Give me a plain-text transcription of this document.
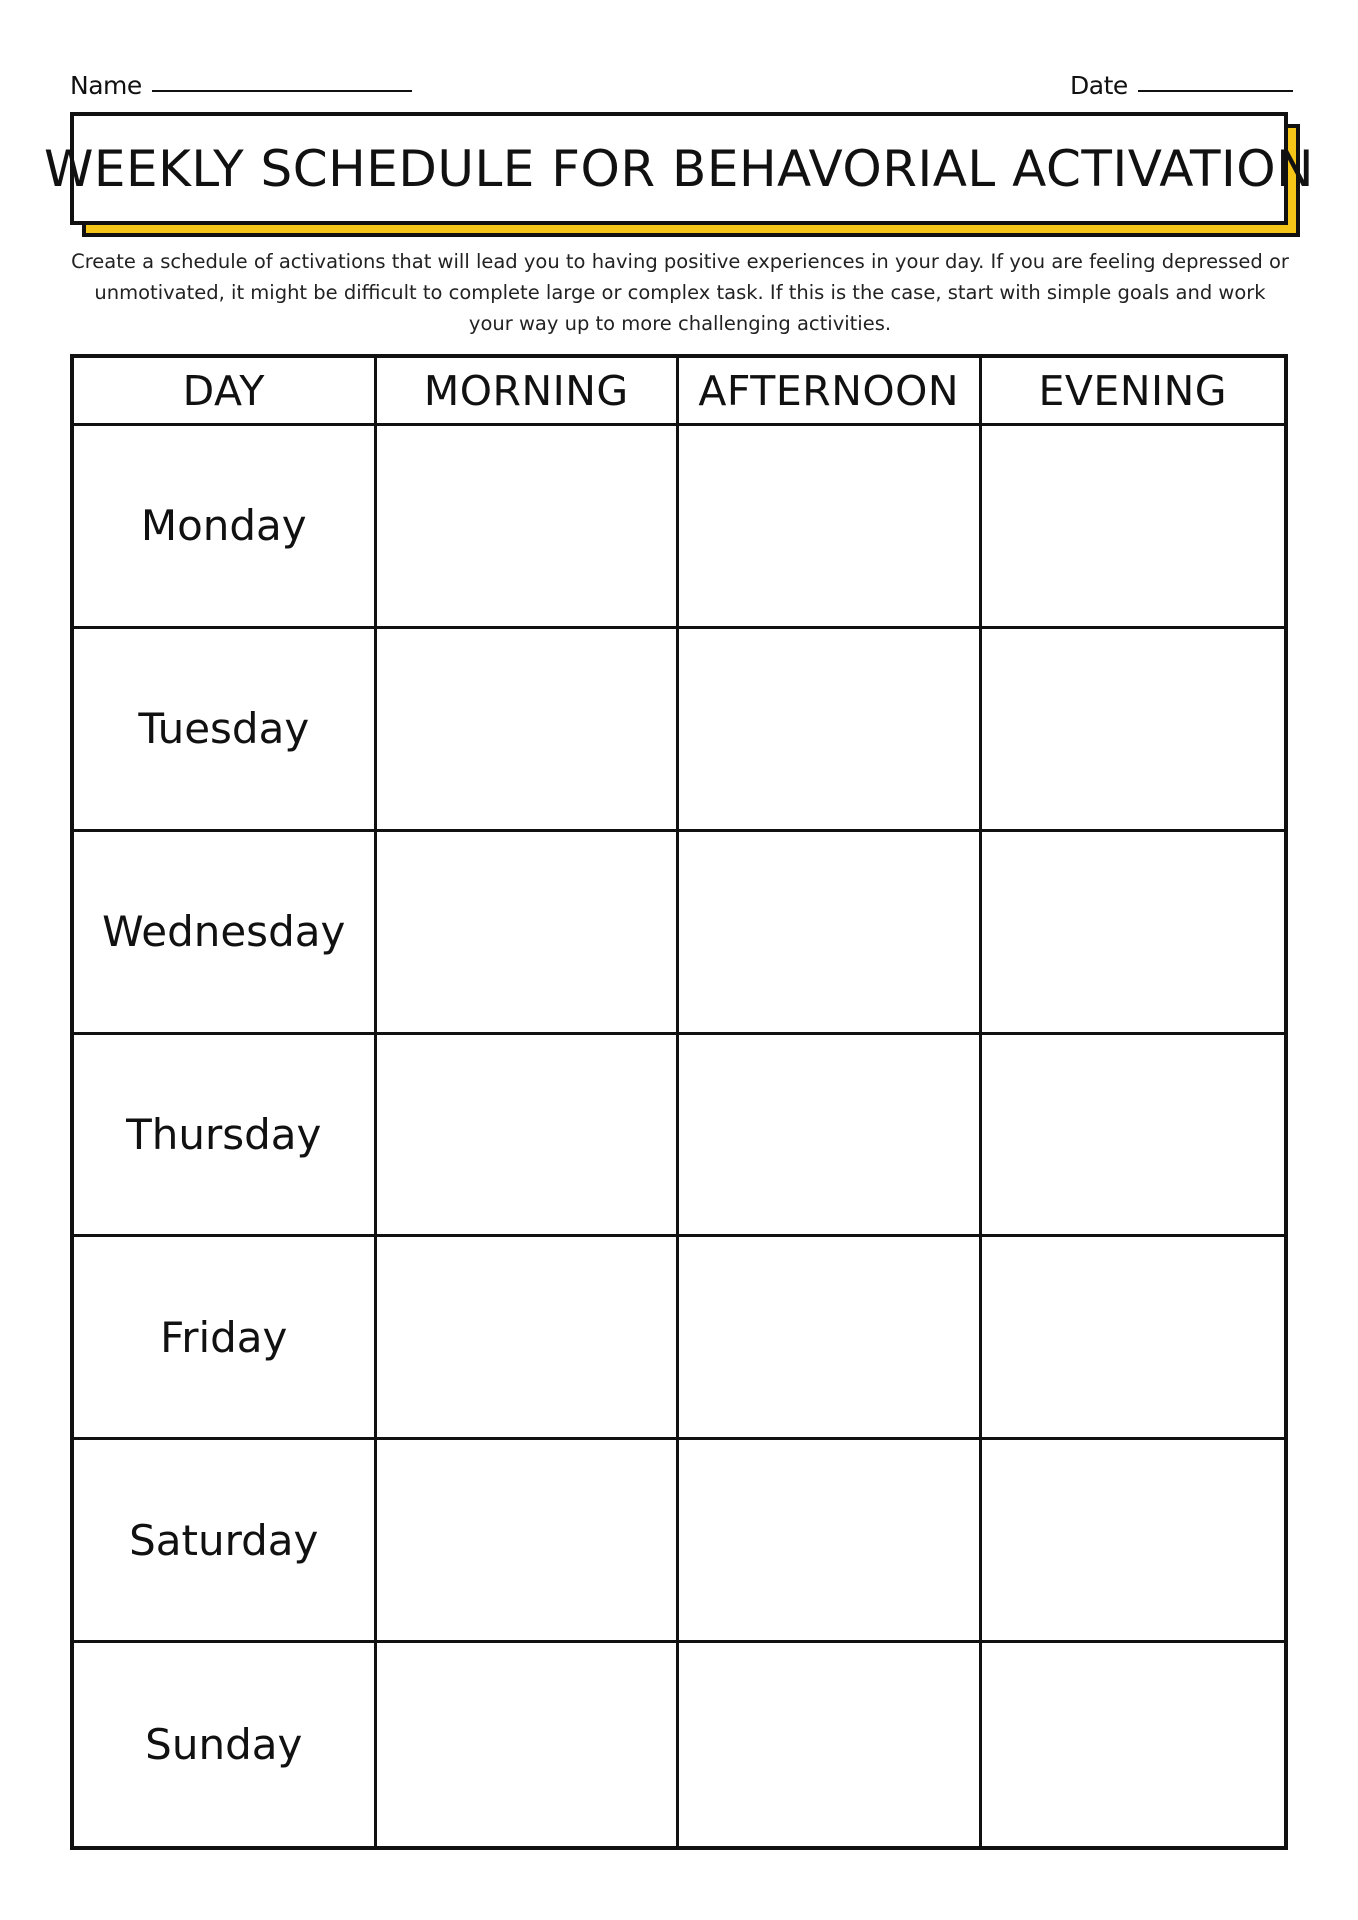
Name	Date
WEEKLY SCHEDULE FOR BEHAVORIAL ACTIVATION

Create a schedule of activations that will lead you to having positive experiences in your day. If you are feeling depressed or unmotivated, it might be difficult to complete large or complex task. If this is the case, start with simple goals and work your way up to more challenging activities.

DAY	MORNING	AFTERNOON	EVENING
Monday
Tuesday
Wednesday
Thursday
Friday
Saturday
Sunday
